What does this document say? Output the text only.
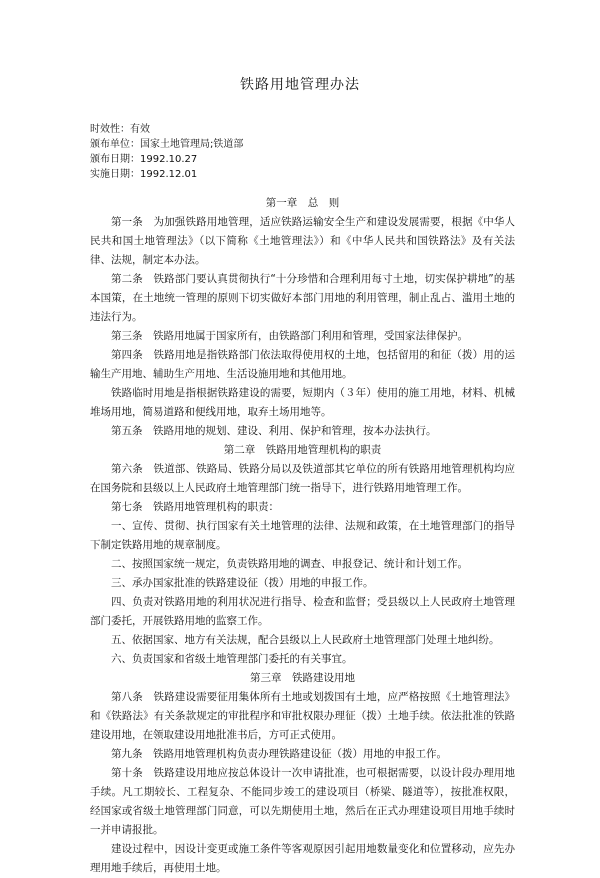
铁路用地管理办法
时效性：有效
颁布单位：国家土地管理局;铁道部
颁布日期：1992.10.27
实施日期：1992.12.01

第一章　总　则

第一条　为加强铁路用地管理，适应铁路运输安全生产和建设发展需要，根据《中华人民共和国土地管理法》（以下简称《土地管理法》）和《中华人民共和国铁路法》及有关法律、法规，制定本办法。

第二条　铁路部门要认真贯彻执行“十分珍惜和合理利用每寸土地，切实保护耕地”的基本国策，在土地统一管理的原则下切实做好本部门用地的利用管理，制止乱占、滥用土地的违法行为。

第三条　铁路用地属于国家所有，由铁路部门利用和管理，受国家法律保护。

第四条　铁路用地是指铁路部门依法取得使用权的土地，包括留用的和征（拨）用的运输生产用地、辅助生产用地、生活设施用地和其他用地。

铁路临时用地是指根据铁路建设的需要，短期内（３年）使用的施工用地，材料、机械堆场用地，简易道路和便线用地，取弃土场用地等。

第五条　铁路用地的规划、建设、利用、保护和管理，按本办法执行。

第二章　铁路用地管理机构的职责

第六条　铁道部、铁路局、铁路分局以及铁道部其它单位的所有铁路用地管理机构均应在国务院和县级以上人民政府土地管理部门统一指导下，进行铁路用地管理工作。

第七条　铁路用地管理机构的职责：

一、宣传、贯彻、执行国家有关土地管理的法律、法规和政策，在土地管理部门的指导下制定铁路用地的规章制度。

二、按照国家统一规定，负责铁路用地的调查、申报登记、统计和计划工作。

三、承办国家批准的铁路建设征（拨）用地的申报工作。

四、负责对铁路用地的利用状况进行指导、检查和监督；受县级以上人民政府土地管理部门委托，开展铁路用地的监察工作。

五、依据国家、地方有关法规，配合县级以上人民政府土地管理部门处理土地纠纷。

六、负责国家和省级土地管理部门委托的有关事宜。

第三章　铁路建设用地

第八条　铁路建设需要征用集体所有土地或划拨国有土地，应严格按照《土地管理法》和《铁路法》有关条款规定的审批程序和审批权限办理征（拨）土地手续。依法批准的铁路建设用地，在领取建设用地批准书后，方可正式使用。

第九条　铁路用地管理机构负责办理铁路建设征（拨）用地的申报工作。

第十条　铁路建设用地应按总体设计一次申请批准，也可根据需要，以设计段办理用地手续。凡工期较长、工程复杂、不能同步竣工的建设项目（桥梁、隧道等），按批准权限，经国家或省级土地管理部门同意，可以先期使用土地，然后在正式办理建设项目用地手续时一并申请报批。

建设过程中，因设计变更或施工条件等客观原因引起用地数量变化和位置移动，应先办理用地手续后，再使用土地。
